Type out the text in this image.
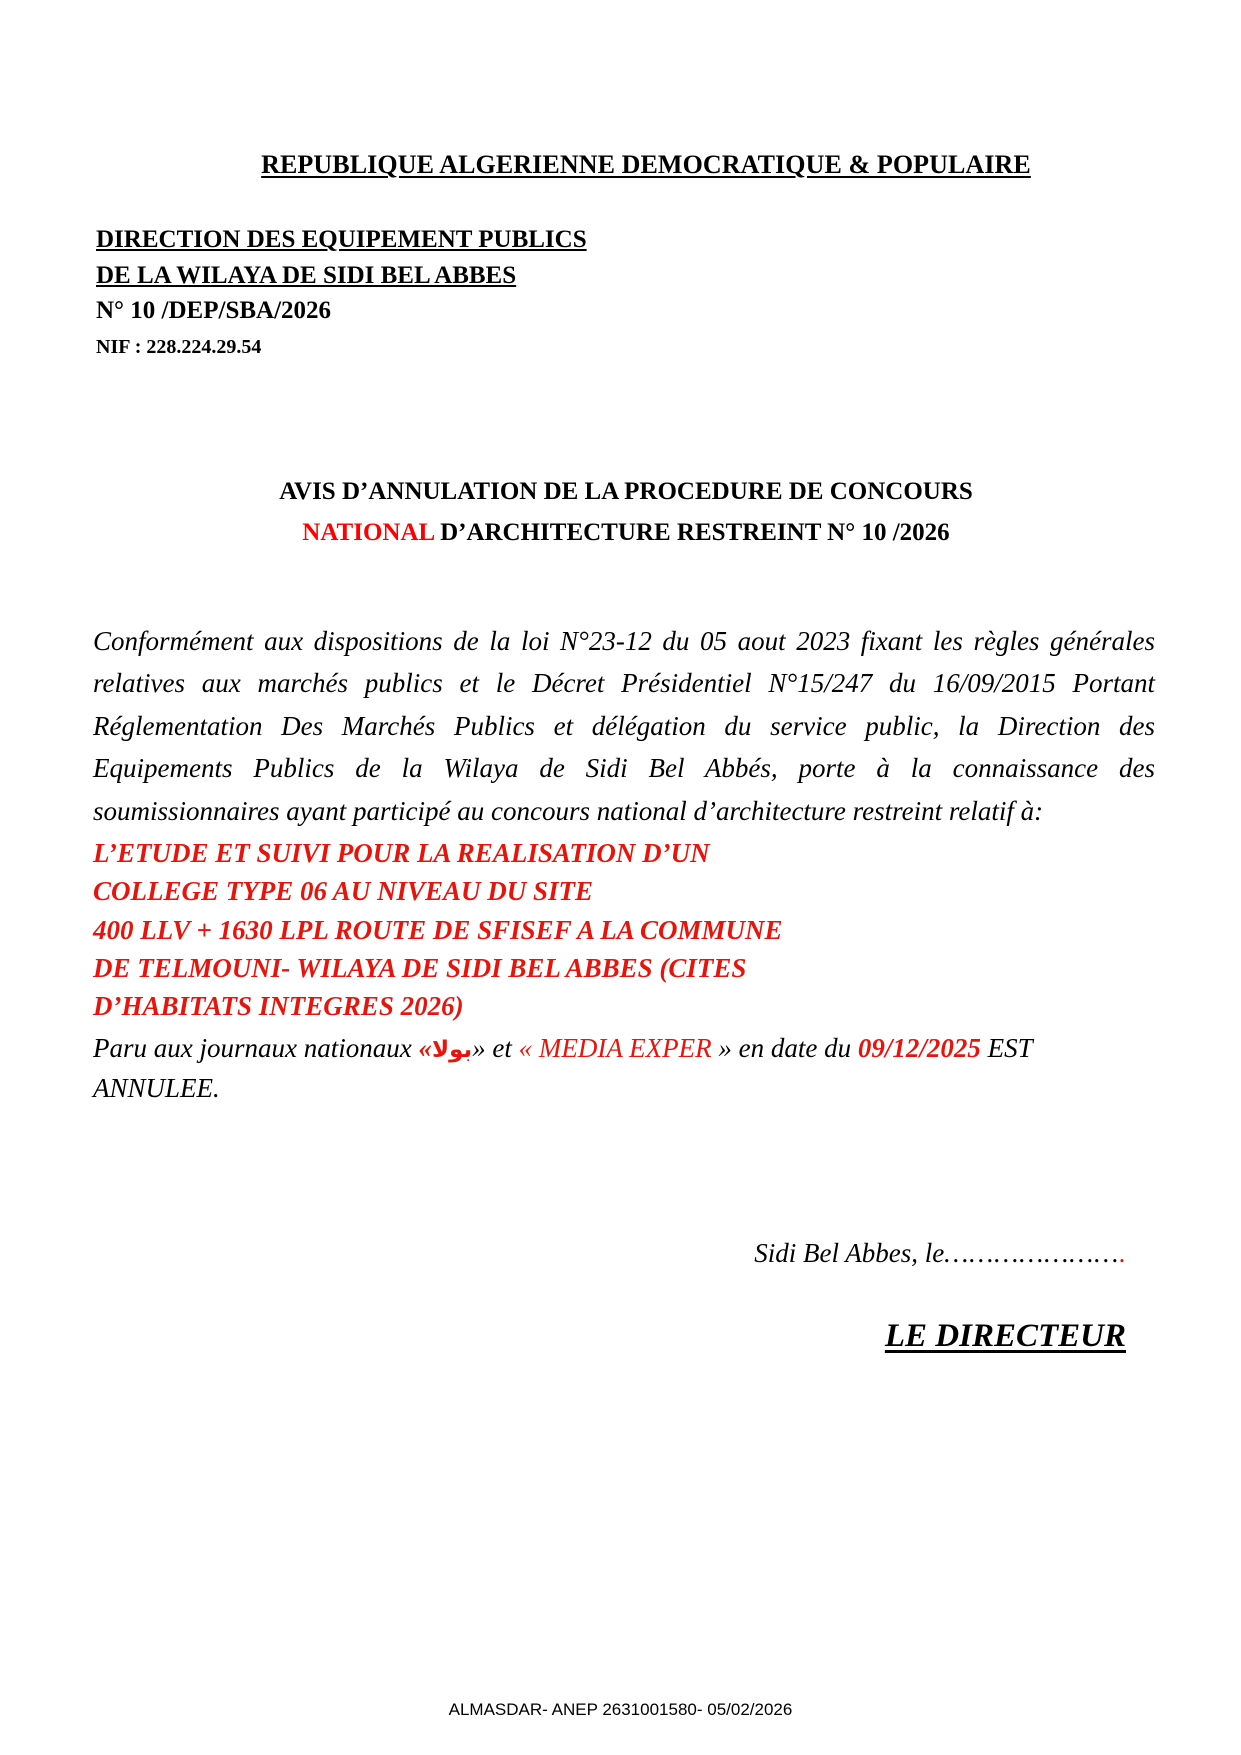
REPUBLIQUE ALGERIENNE DEMOCRATIQUE & POPULAIRE
DIRECTION DES EQUIPEMENT PUBLICS
DE LA WILAYA DE SIDI BEL ABBES
N° 10 /DEP/SBA/2026
NIF : 228.224.29.54
AVIS D’ANNULATION DE LA PROCEDURE DE CONCOURS
NATIONAL D’ARCHITECTURE RESTREINT N° 10 /2026
Conformément aux dispositions de la loi N°23-12 du 05 aout 2023 fixant les règles générales relatives aux marchés publics et le Décret Présidentiel N°15/247 du 16/09/2015 Portant Réglementation Des Marchés Publics et délégation du service public, la Direction des Equipements Publics de la Wilaya de Sidi Bel Abbés, porte à la connaissance des soumissionnaires ayant participé au concours national d’architecture restreint relatif à:
L’ETUDE ET SUIVI POUR LA REALISATION D’UN
COLLEGE TYPE 06 AU NIVEAU DU SITE
400 LLV + 1630 LPL ROUTE DE SFISEF A LA COMMUNE
DE TELMOUNI- WILAYA DE SIDI BEL ABBES (CITES
D’HABITATS INTEGRES 2026)
Paru aux journaux nationaux «بولا» et « MEDIA EXPER » en date du 09/12/2025 EST ANNULEE.
Sidi Bel Abbes, le………………….
LE DIRECTEUR
ALMASDAR- ANEP 2631001580- 05/02/2026
